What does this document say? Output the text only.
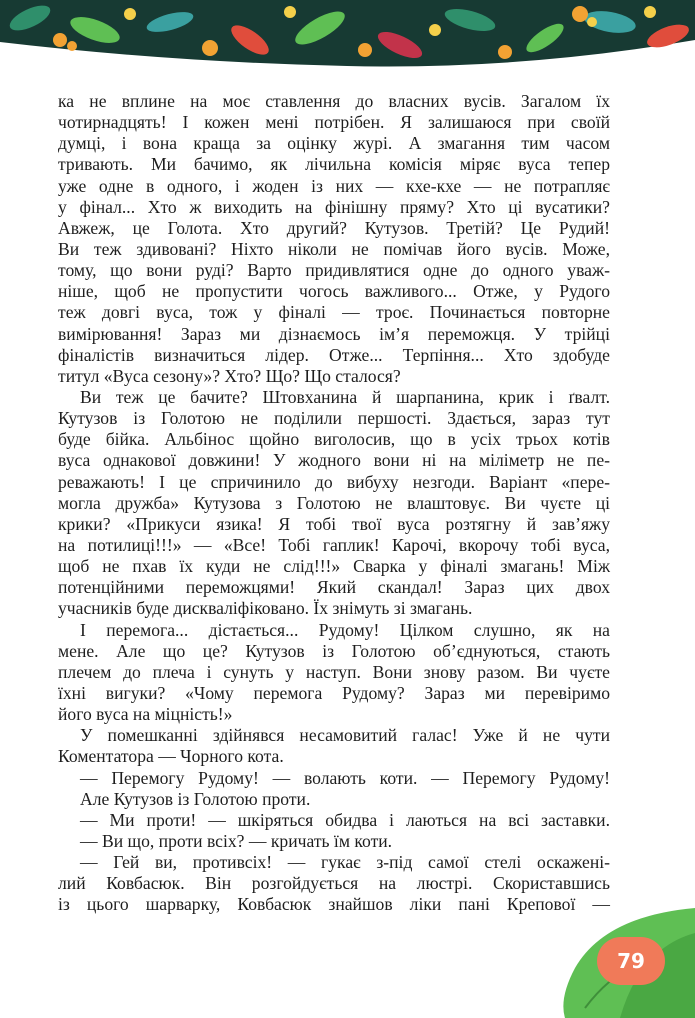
79
ка не вплине на моє ставлення до власних вусів. Загалом їх
чотирнадцять! І кожен мені потрібен. Я залишаюся при своїй
думці, і вона краща за оцінку журі. А змагання тим часом
тривають. Ми бачимо, як лічильна комісія міряє вуса тепер
уже одне в одного, і жоден із них — кхе-кхе — не потрапляє
у фінал... Хто ж виходить на фінішну пряму? Хто ці вусатики?
Авжеж, це Голота. Хто другий? Кутузов. Третій? Це Рудий!
Ви теж здивовані? Ніхто ніколи не помічав його вусів. Може,
тому, що вони руді? Варто придивлятися одне до одного уваж-
ніше, щоб не пропустити чогось важливого... Отже, у Рудого
теж довгі вуса, тож у фіналі — троє. Починається повторне
вимірювання! Зараз ми дізнаємось ім’я переможця. У трійці
фіналістів визначиться лідер. Отже... Терпіння... Хто здобуде
титул «Вуса сезону»? Хто? Що? Що сталося?
Ви теж це бачите? Штовханина й шарпанина, крик і ґвалт.
Кутузов із Голотою не поділили першості. Здається, зараз тут
буде бійка. Альбінос щойно виголосив, що в усіх трьох котів
вуса однакової довжини! У жодного вони ні на міліметр не пе-
реважають! І це спричинило до вибуху незгоди. Варіант «пере-
могла дружба» Кутузова з Голотою не влаштовує. Ви чуєте ці
крики? «Прикуси язика! Я тобі твої вуса розтягну й зав’яжу
на потилиці!!!» — «Все! Тобі гаплик! Карочі, вкорочу тобі вуса,
щоб не пхав їх куди не слід!!!» Сварка у фіналі змагань! Між
потенційними переможцями! Який скандал! Зараз цих двох
учасників буде дискваліфіковано. Їх знімуть зі змагань.
І перемога... дістається... Рудому! Цілком слушно, як на
мене. Але що це? Кутузов із Голотою об’єднуються, стають
плечем до плеча і сунуть у наступ. Вони знову разом. Ви чуєте
їхні вигуки? «Чому перемога Рудому? Зараз ми перевіримо
його вуса на міцність!»
У помешканні здійнявся несамовитий галас! Уже й не чути
Коментатора — Чорного кота.
— Перемогу Рудому! — волають коти. — Перемогу Рудому!
Але Кутузов із Голотою проти.
— Ми проти! — шкіряться обидва і лаються на всі заставки.
— Ви що, проти всіх? — кричать їм коти.
— Гей ви, противсіх! — гукає з-під самої стелі оскажені-
лий Ковбасюк. Він розгойдується на люстрі. Скориставшись
із цього шарварку, Ковбасюк знайшов ліки пані Крепової —
